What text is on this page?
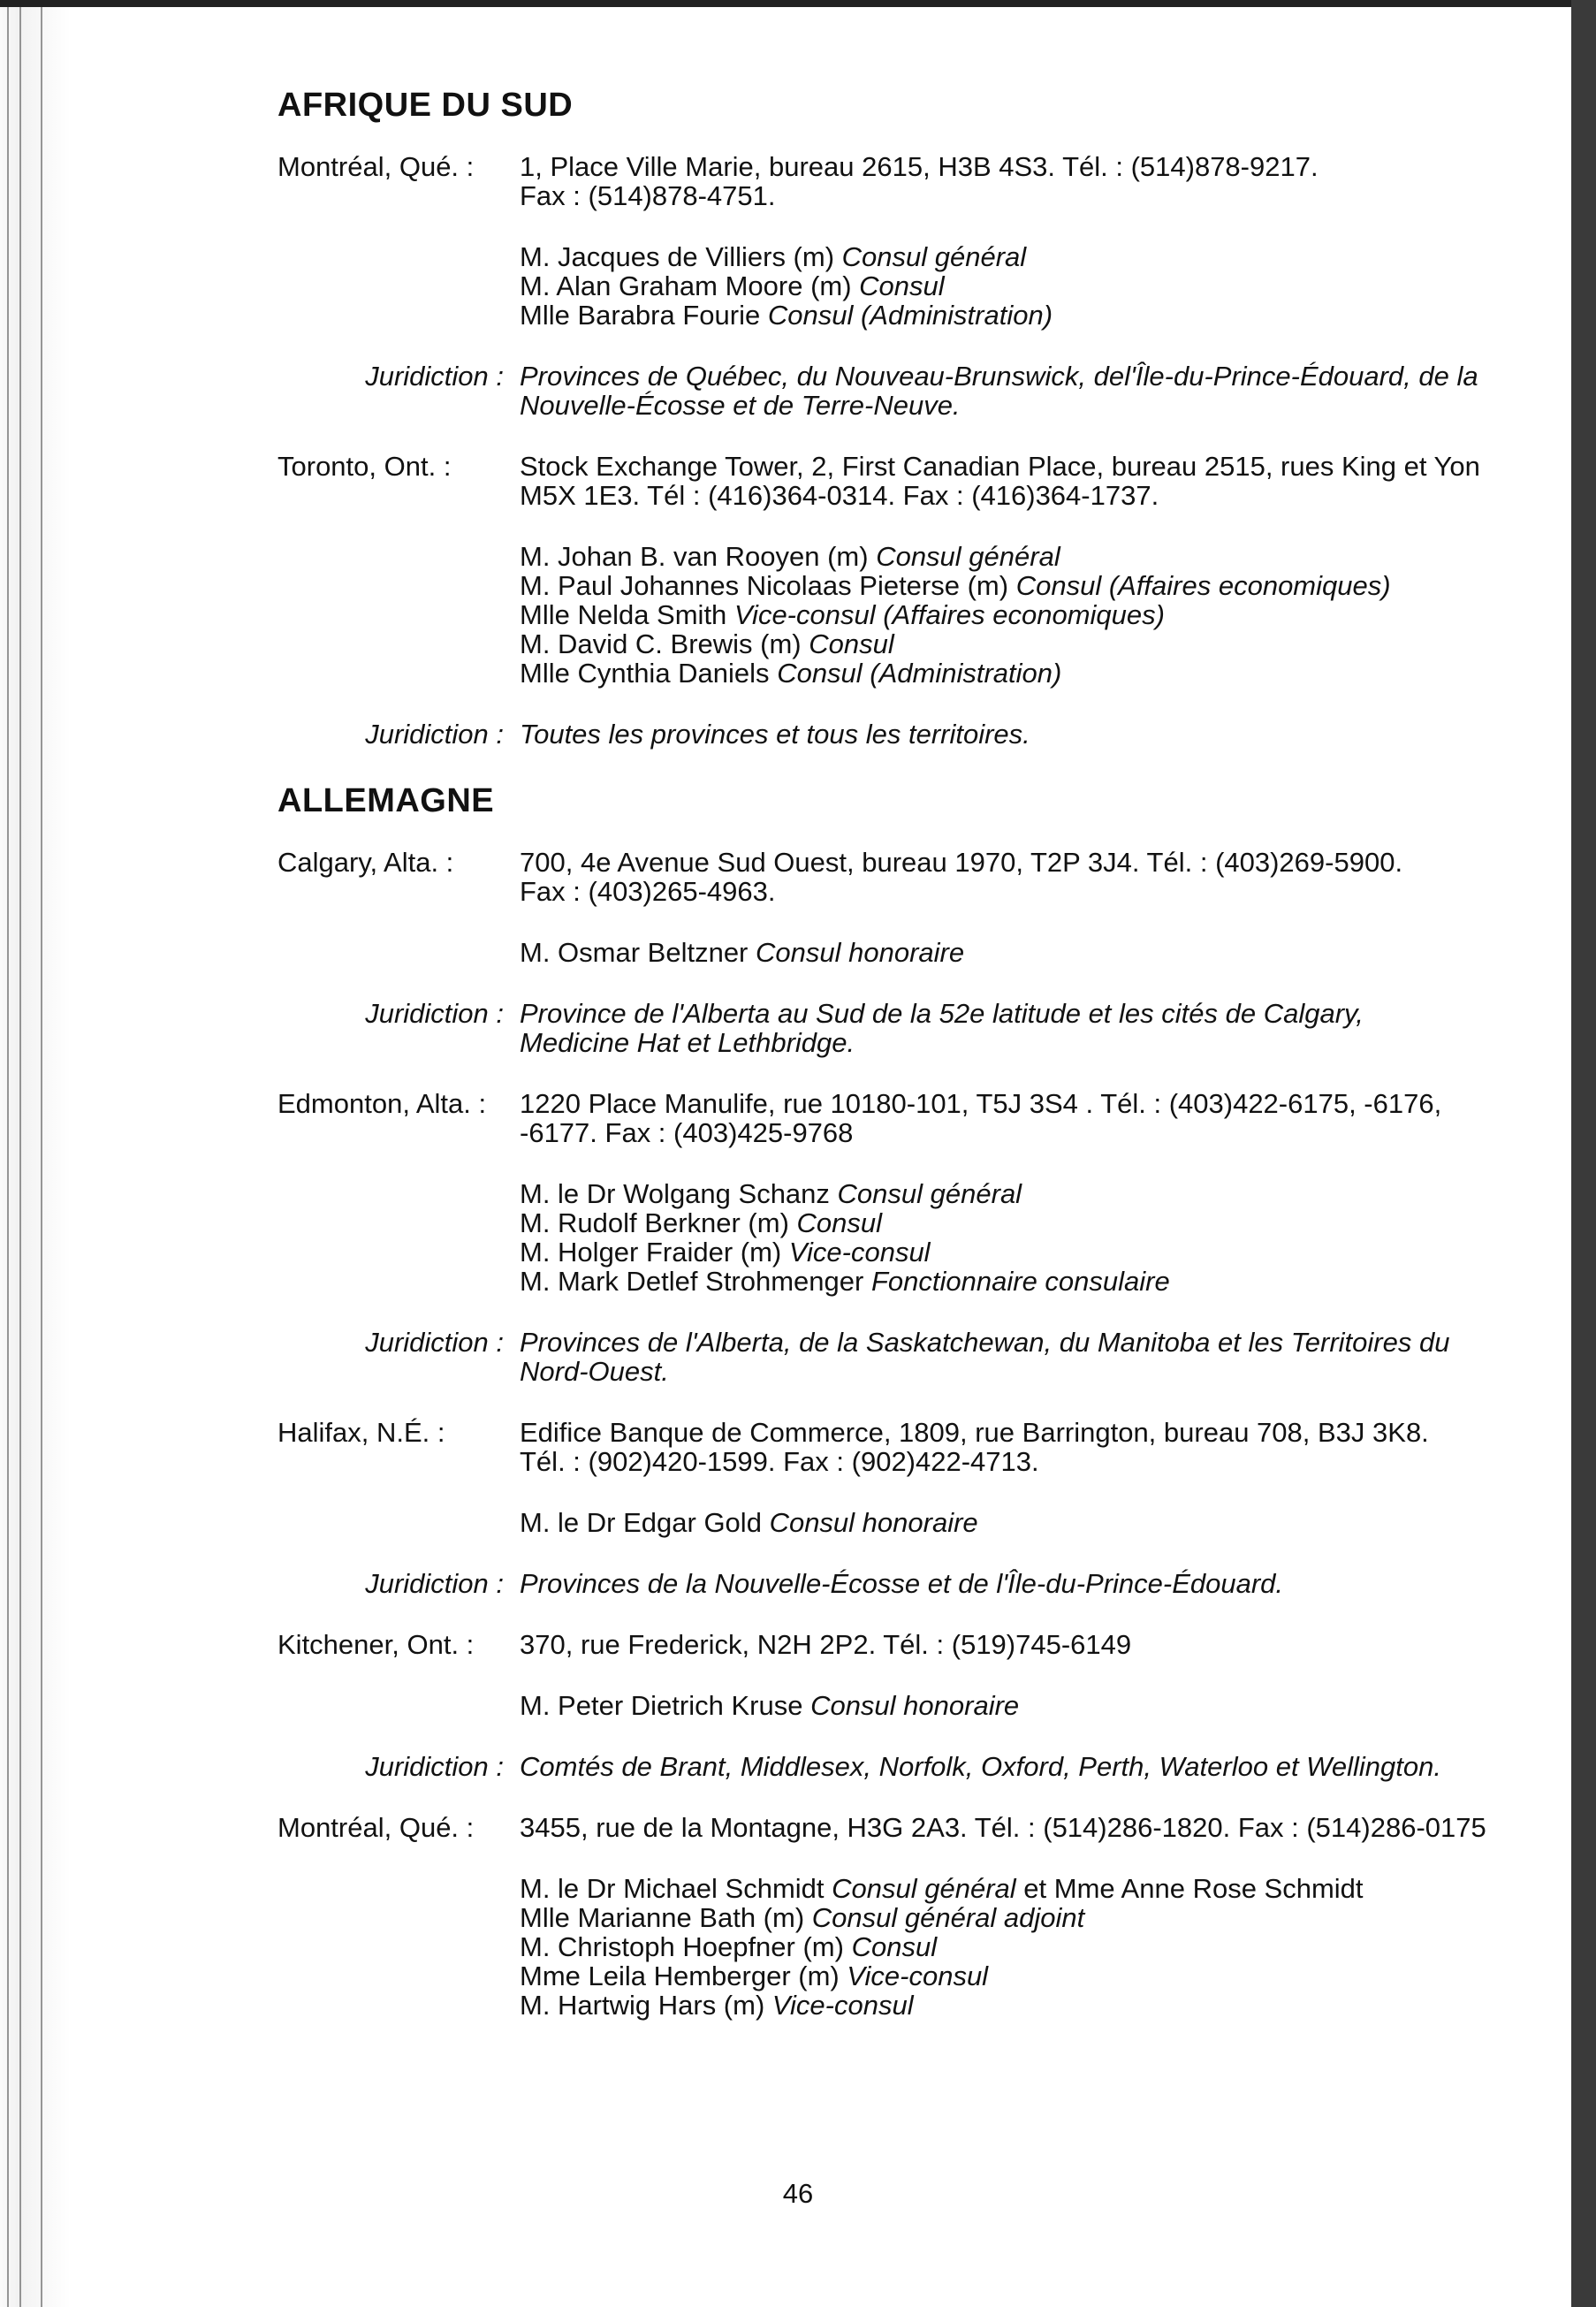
AFRIQUE DU SUD
Montréal, Qué. :	1, Place Ville Marie, bureau 2615, H3B 4S3. Tél. : (514)878-9217.
Fax : (514)878-4751.
M. Jacques de Villiers (m) Consul général
M. Alan Graham Moore (m) Consul
Mlle Barabra Fourie Consul (Administration)
Juridiction : Provinces de Québec, du Nouveau-Brunswick, del'Île-du-Prince-Édouard, de la
Nouvelle-Écosse et de Terre-Neuve.
Toronto, Ont. :	Stock Exchange Tower, 2, First Canadian Place, bureau 2515, rues King et Yon
M5X 1E3. Tél : (416)364-0314. Fax : (416)364-1737.
M. Johan B. van Rooyen (m) Consul général
M. Paul Johannes Nicolaas Pieterse (m) Consul (Affaires economiques)
Mlle Nelda Smith Vice-consul (Affaires economiques)
M. David C. Brewis (m) Consul
Mlle Cynthia Daniels Consul (Administration)
Juridiction : Toutes les provinces et tous les territoires.
ALLEMAGNE
Calgary, Alta. :	700, 4e Avenue Sud Ouest, bureau 1970, T2P 3J4. Tél. : (403)269-5900.
Fax : (403)265-4963.
M. Osmar Beltzner Consul honoraire
Juridiction : Province de l'Alberta au Sud de la 52e latitude et les cités de Calgary,
Medicine Hat et Lethbridge.
Edmonton, Alta. :	1220 Place Manulife, rue 10180-101, T5J 3S4 . Tél. : (403)422-6175, -6176,
-6177. Fax : (403)425-9768
M. le Dr Wolgang Schanz Consul général
M. Rudolf Berkner (m) Consul
M. Holger Fraider (m) Vice-consul
M. Mark Detlef Strohmenger Fonctionnaire consulaire
Juridiction : Provinces de l'Alberta, de la Saskatchewan, du Manitoba et les Territoires du
Nord-Ouest.
Halifax, N.É. :	Edifice Banque de Commerce, 1809, rue Barrington, bureau 708, B3J 3K8.
Tél. : (902)420-1599. Fax : (902)422-4713.
M. le Dr Edgar Gold Consul honoraire
Juridiction : Provinces de la Nouvelle-Écosse et de l'Île-du-Prince-Édouard.
Kitchener, Ont. :	370, rue Frederick, N2H 2P2. Tél. : (519)745-6149
M. Peter Dietrich Kruse Consul honoraire
Juridiction : Comtés de Brant, Middlesex, Norfolk, Oxford, Perth, Waterloo et Wellington.
Montréal, Qué. :	3455, rue de la Montagne, H3G 2A3. Tél. : (514)286-1820. Fax : (514)286-0175
M. le Dr Michael Schmidt Consul général et Mme Anne Rose Schmidt
Mlle Marianne Bath (m) Consul général adjoint
M. Christoph Hoepfner (m) Consul
Mme Leila Hemberger (m) Vice-consul
M. Hartwig Hars (m) Vice-consul
46
